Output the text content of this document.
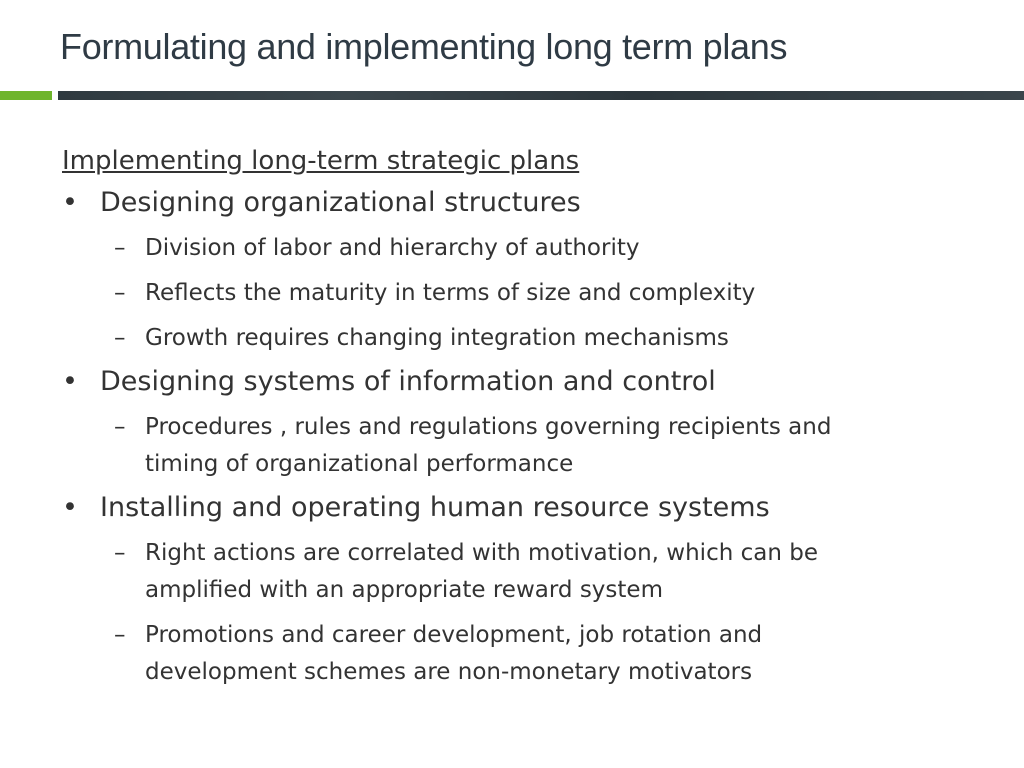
Formulating and implementing long term plans
Implementing long-term strategic plans
• Designing organizational structures
– Division of labor and hierarchy of authority
– Reflects the maturity in terms of size and complexity
– Growth requires changing integration mechanisms
• Designing systems of information and control
– Procedures , rules and regulations governing recipients and timing of organizational performance
• Installing and operating human resource systems
– Right actions are correlated with motivation, which can be amplified with an appropriate reward system
– Promotions and career development, job rotation and development schemes are non-monetary motivators
